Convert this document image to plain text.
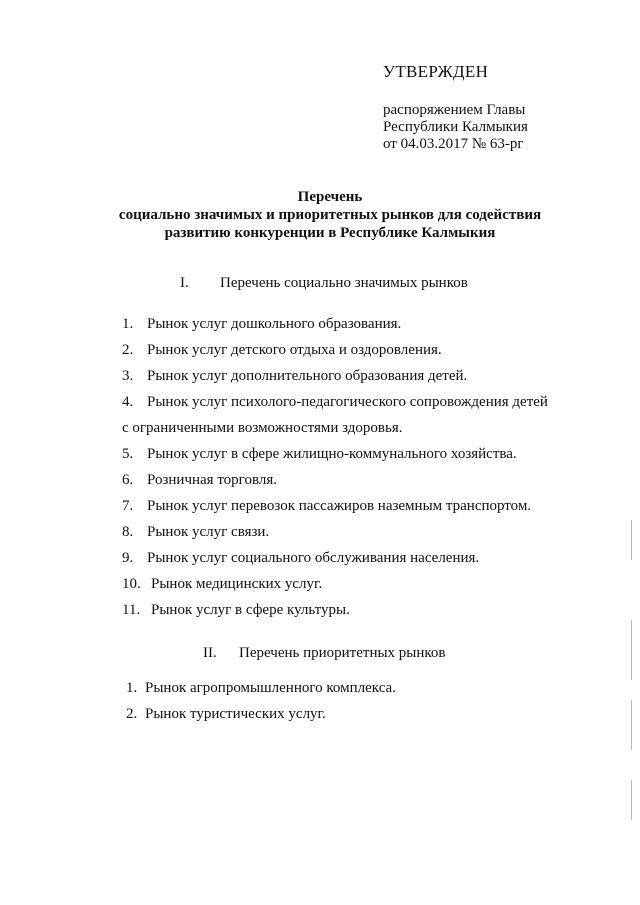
УТВЕРЖДЕН
распоряжением Главы
Республики Калмыкия
от 04.03.2017 № 63-рг
Перечень
социально значимых и приоритетных рынков для содействия
развитию конкуренции в Республике Калмыкия
I. Перечень социально значимых рынков
1. Рынок услуг дошкольного образования.
2. Рынок услуг детского отдыха и оздоровления.
3. Рынок услуг дополнительного образования детей.
4. Рынок услуг психолого-педагогического сопровождения детей
с ограниченными возможностями здоровья.
5. Рынок услуг в сфере жилищно-коммунального хозяйства.
6. Розничная торговля.
7. Рынок услуг перевозок пассажиров наземным транспортом.
8. Рынок услуг связи.
9. Рынок услуг социального обслуживания населения.
10. Рынок медицинских услуг.
11. Рынок услуг в сфере культуры.
II. Перечень приоритетных рынков
1. Рынок агропромышленного комплекса.
2. Рынок туристических услуг.
